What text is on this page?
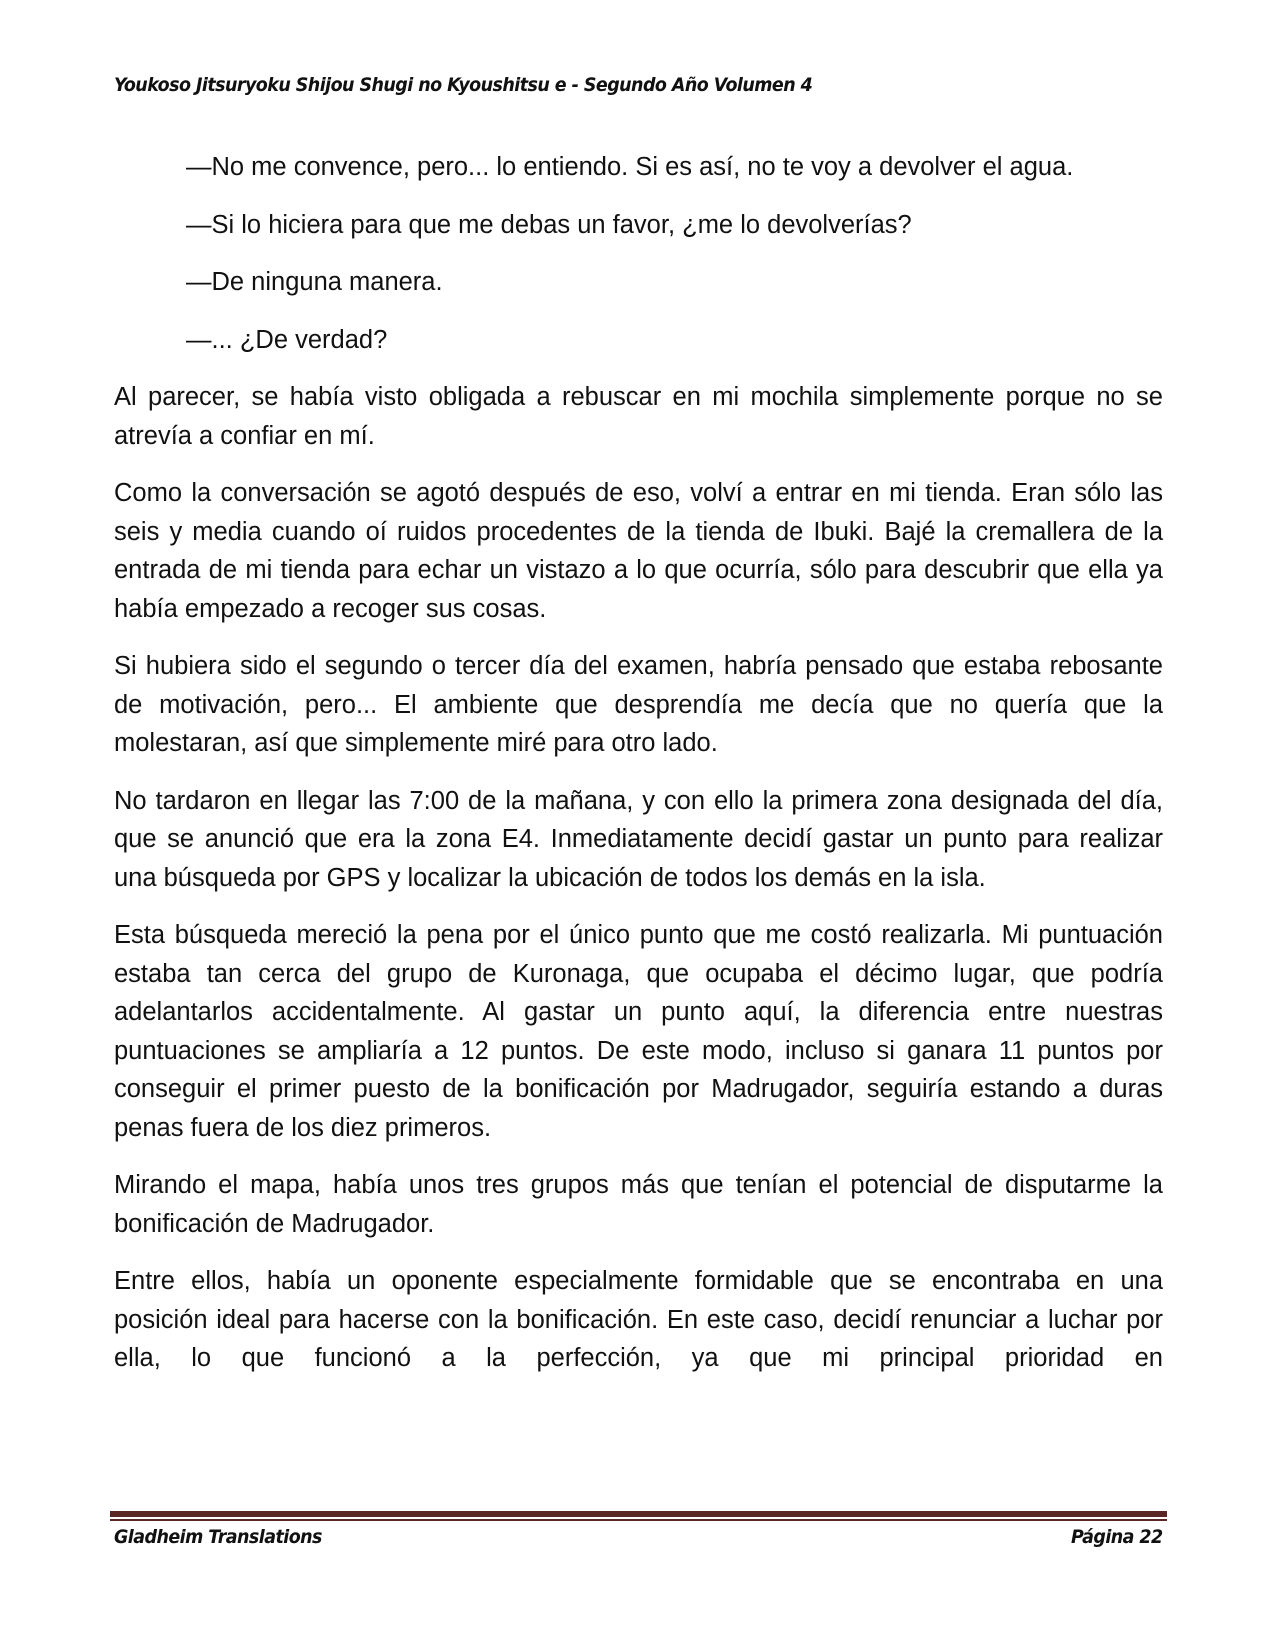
Youkoso Jitsuryoku Shijou Shugi no Kyoushitsu e - Segundo Año Volumen 4

—No me convence, pero... lo entiendo. Si es así, no te voy a devolver el agua.

—Si lo hiciera para que me debas un favor, ¿me lo devolverías?

—De ninguna manera.

—... ¿De verdad?

Al parecer, se había visto obligada a rebuscar en mi mochila simplemente porque no se atrevía a confiar en mí.

Como la conversación se agotó después de eso, volví a entrar en mi tienda. Eran sólo las seis y media cuando oí ruidos procedentes de la tienda de Ibuki. Bajé la cremallera de la entrada de mi tienda para echar un vistazo a lo que ocurría, sólo para descubrir que ella ya había empezado a recoger sus cosas.

Si hubiera sido el segundo o tercer día del examen, habría pensado que estaba rebosante de motivación, pero... El ambiente que desprendía me decía que no quería que la molestaran, así que simplemente miré para otro lado.

No tardaron en llegar las 7:00 de la mañana, y con ello la primera zona designada del día, que se anunció que era la zona E4. Inmediatamente decidí gastar un punto para realizar una búsqueda por GPS y localizar la ubicación de todos los demás en la isla.

Esta búsqueda mereció la pena por el único punto que me costó realizarla. Mi puntuación estaba tan cerca del grupo de Kuronaga, que ocupaba el décimo lugar, que podría adelantarlos accidentalmente. Al gastar un punto aquí, la diferencia entre nuestras puntuaciones se ampliaría a 12 puntos. De este modo, incluso si ganara 11 puntos por conseguir el primer puesto de la bonificación por Madrugador, seguiría estando a duras penas fuera de los diez primeros.

Mirando el mapa, había unos tres grupos más que tenían el potencial de disputarme la bonificación de Madrugador.

Entre ellos, había un oponente especialmente formidable que se encontraba en una posición ideal para hacerse con la bonificación. En este caso, decidí renunciar a luchar por ella, lo que funcionó a la perfección, ya que mi principal prioridad en

Gladheim Translations	Página 22
